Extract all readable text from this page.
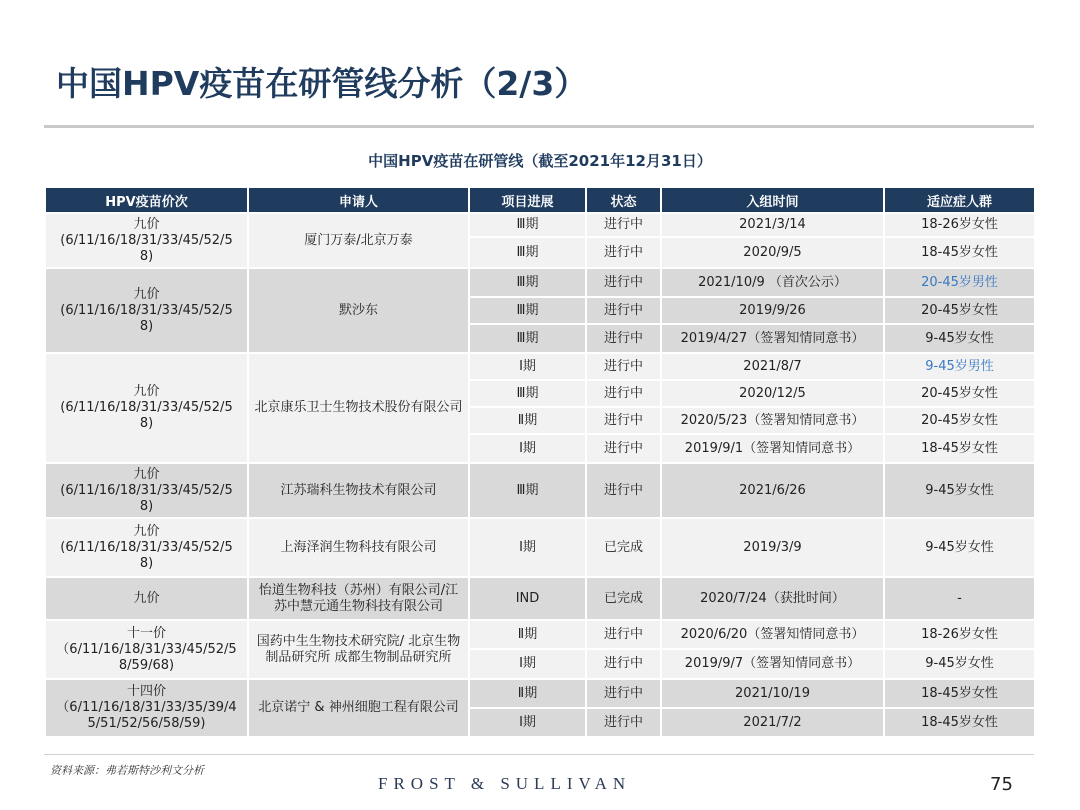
中国HPV疫苗在研管线分析（2/3）
中国HPV疫苗在研管线（截至2021年12月31日）
HPV疫苗价次	申请人	项目进展	状态	入组时间	适应症人群
九价
(6/11/16/18/31/33/45/52/5
8)	厦门万泰/北京万泰	Ⅲ期	进行中	2021/3/14	18-26岁女性
		Ⅲ期	进行中	2020/9/5	18-45岁女性
九价
(6/11/16/18/31/33/45/52/5
8)	默沙东	Ⅲ期	进行中	2021/10/9 （首次公示）	20-45岁男性
		Ⅲ期	进行中	2019/9/26	20-45岁女性
		Ⅲ期	进行中	2019/4/27（签署知情同意书）	9-45岁女性
九价
(6/11/16/18/31/33/45/52/5
8)	北京康乐卫士生物技术股份有限公司	Ⅰ期	进行中	2021/8/7	9-45岁男性
		Ⅲ期	进行中	2020/12/5	20-45岁女性
		Ⅱ期	进行中	2020/5/23（签署知情同意书）	20-45岁女性
		Ⅰ期	进行中	2019/9/1（签署知情同意书）	18-45岁女性
九价
(6/11/16/18/31/33/45/52/5
8)	江苏瑞科生物技术有限公司	Ⅲ期	进行中	2021/6/26	9-45岁女性
九价
(6/11/16/18/31/33/45/52/5
8)	上海泽润生物科技有限公司	Ⅰ期	已完成	2019/3/9	9-45岁女性
九价	怡道生物科技（苏州）有限公司/江苏中慧元通生物科技有限公司	IND	已完成	2020/7/24（获批时间）	-
十一价
（6/11/16/18/31/33/45/52/5
8/59/68)	国药中生生物技术研究院/ 北京生物制品研究所 成都生物制品研究所	Ⅱ期	进行中	2020/6/20（签署知情同意书）	18-26岁女性
		Ⅰ期	进行中	2019/9/7（签署知情同意书）	9-45岁女性
十四价
（6/11/16/18/31/33/35/39/4
5/51/52/56/58/59)	北京诺宁 & 神州细胞工程有限公司	Ⅱ期	进行中	2021/10/19	18-45岁女性
		Ⅰ期	进行中	2021/7/2	18-45岁女性
资料来源：弗若斯特沙利文分析
FROST & SULLIVAN	75
